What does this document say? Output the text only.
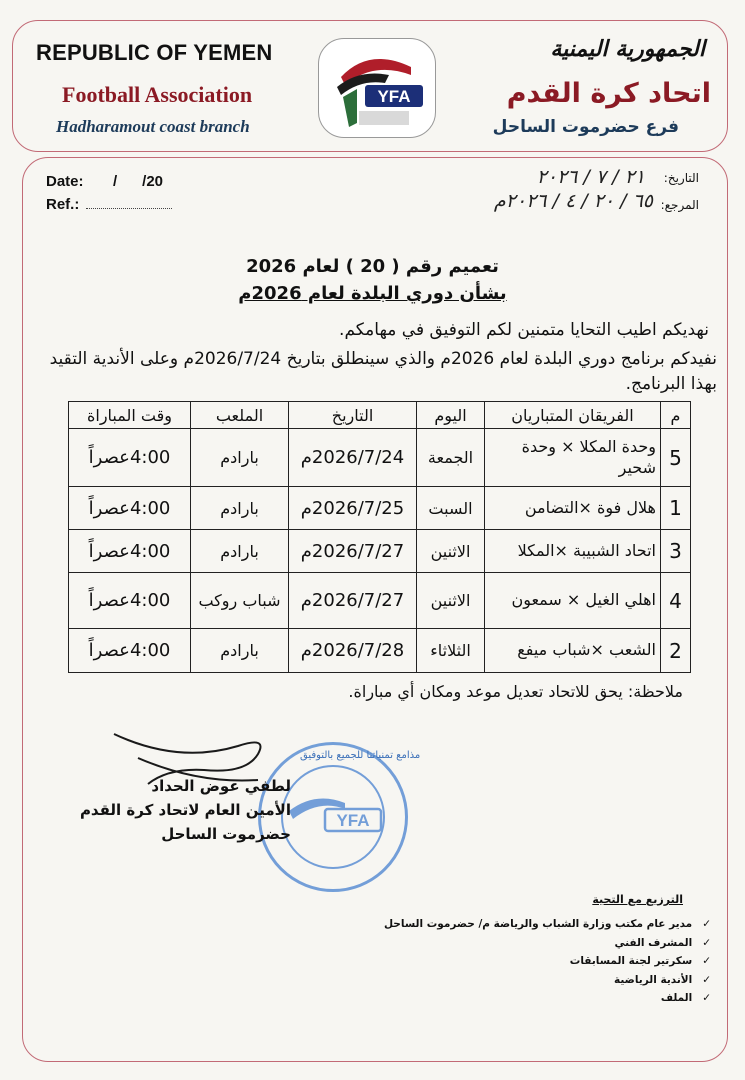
REPUBLIC OF YEMEN
Football Association
Hadharamout coast branch
الجمهورية اليمنية
اتحاد كرة القدم
فرع حضرموت الساحل
YFA
Date: /      /20
Ref.:
التاريخ:
٢١ / ٧ / ٢٠٢٦
المرجع:
٦٥ / ٢٠ / ٤ / ٢٠٢٦م
تعميم رقم ( 20 ) لعام 2026
بشأن دوري البلدة لعام 2026م
نهديكم اطيب التحايا متمنين لكم التوفيق في مهامكم.
نفيدكم برنامج دوري البلدة لعام 2026م والذي سينطلق بتاريخ 2026/7/24م وعلى الأندية التقيد بهذا البرنامج.
م	الفريقان المتباريان	اليوم	التاريخ	الملعب	وقت المباراة
5	وحدة المكلا × وحدة شحير	الجمعة	2026/7/24م	بارادم	4:00عصراً
1	هلال فوة ×التضامن	السبت	2026/7/25م	بارادم	4:00عصراً
3	اتحاد الشبيبة ×المكلا	الاثنين	2026/7/27م	بارادم	4:00عصراً
4	اهلي الغيل × سمعون	الاثنين	2026/7/27م	شباب روكب	4:00عصراً
2	الشعب ×شباب ميفع	الثلاثاء	2026/7/28م	بارادم	4:00عصراً
ملاحظة: يحق للاتحاد تعديل موعد ومكان أي مباراة.
YFA
مذامع تمنياتنا للجميع بالتوفيق
لطفي عوض الحداد
الأمين العام لاتحاد كرة القدم
حضرموت الساحل
الترزيع مع التحية
✓مدير عام مكتب وزارة الشباب والرياضة م/ حضرموت الساحل
✓المشرف الفني
✓سكرتير لجنة المسابقات
✓الأندية الرياضية
✓الملف
